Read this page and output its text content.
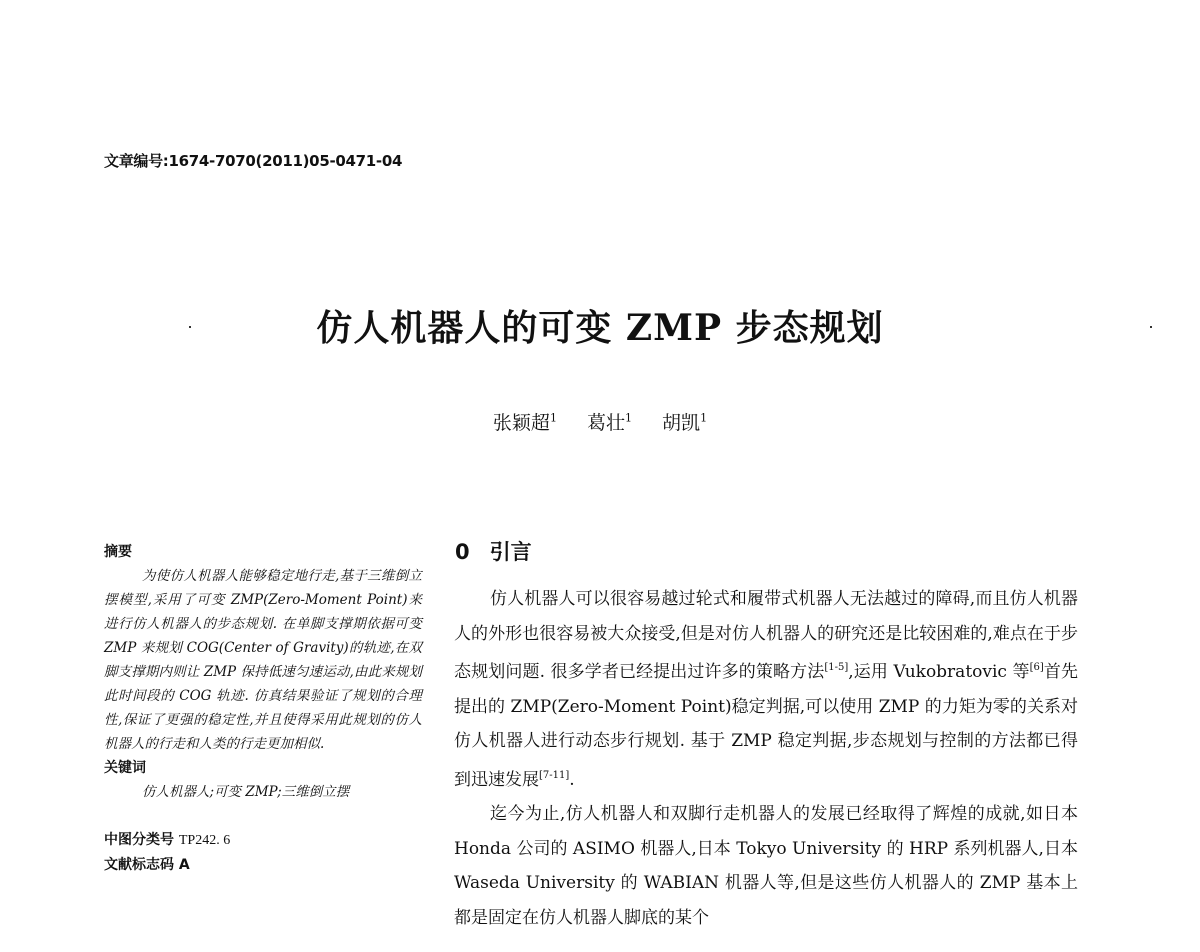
文章编号:1674-7070(2011)05-0471-04
仿人机器人的可变 ZMP 步态规划
张颖超$^1$ 葛壮$^1$ 胡凯$^1$
摘要
为使仿人机器人能够稳定地行走,基于三维倒立摆模型,采用了可变 ZMP(Zero-Moment Point)来进行仿人机器人的步态规划. 在单脚支撑期依据可变 ZMP 来规划 COG(Center of Gravity)的轨迹,在双脚支撑期内则让 ZMP 保持低速匀速运动,由此来规划此时间段的 COG 轨迹. 仿真结果验证了规划的合理性,保证了更强的稳定性,并且使得采用此规划的仿人机器人的行走和人类的行走更加相似.
关键词
仿人机器人;可变 ZMP;三维倒立摆
中图分类号 TP242. 6
文献标志码 A
0 引言

仿人机器人可以很容易越过轮式和履带式机器人无法越过的障碍,而且仿人机器人的外形也很容易被大众接受,但是对仿人机器人的研究还是比较困难的,难点在于步态规划问题. 很多学者已经提出过许多的策略方法[1-5],运用 Vukobratovic 等[6]首先提出的 ZMP(Zero-Moment Point)稳定判据,可以使用 ZMP 的力矩为零的关系对仿人机器人进行动态步行规划. 基于 ZMP 稳定判据,步态规划与控制的方法都已得到迅速发展[7-11].

迄今为止,仿人机器人和双脚行走机器人的发展已经取得了辉煌的成就,如日本 Honda 公司的 ASIMO 机器人,日本 Tokyo University 的 HRP 系列机器人,日本 Waseda University 的 WABIAN 机器人等,但是这些仿人机器人的 ZMP 基本上都是固定在仿人机器人脚底的某个
